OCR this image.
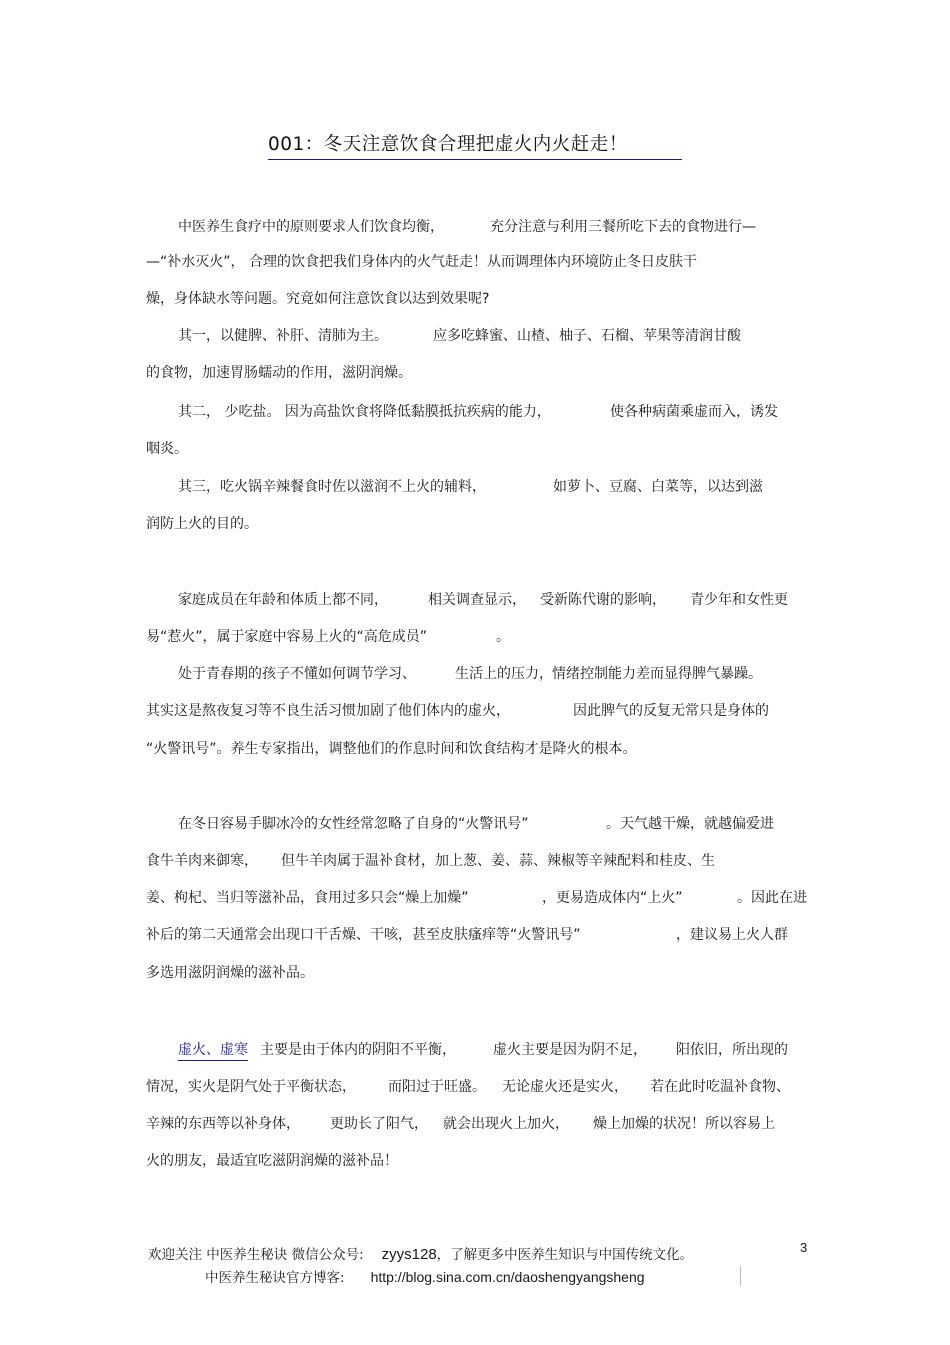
001：冬天注意饮食合理把虚火内火赶走！
中医养生食疗中的原则要求人们饮食均衡，	充分注意与利用三餐所吃下去的食物进行—
—“补水灭火”， 合理的饮食把我们身体内的火气赶走！从而调理体内环境防止冬日皮肤干
燥，身体缺水等问题。究竟如何注意饮食以达到效果呢?
其一，以健脾、补肝、清肺为主。	应多吃蜂蜜、山楂、柚子、石榴、苹果等清润甘酸
的食物，加速胃肠蠕动的作用，滋阴润燥。
其二， 少吃盐。 因为高盐饮食将降低黏膜抵抗疾病的能力，	使各种病菌乘虚而入，诱发
咽炎。
其三，吃火锅辛辣餐食时佐以滋润不上火的辅料，	如萝卜、豆腐、白菜等，以达到滋
润防上火的目的。
家庭成员在年龄和体质上都不同，	相关调查显示， 受新陈代谢的影响， 青少年和女性更
易“惹火”，属于家庭中容易上火的“高危成员”	。
处于青春期的孩子不懂如何调节学习、	生活上的压力， 情绪控制能力差而显得脾气暴躁。
其实这是熬夜复习等不良生活习惯加剧了他们体内的虚火，	因此脾气的反复无常只是身体的
“火警讯号”。养生专家指出，调整他们的作息时间和饮食结构才是降火的根本。
在冬日容易手脚冰冷的女性经常忽略了自身的“火警讯号”	。天气越干燥，就越偏爱进
食牛羊肉来御寒， 但牛羊肉属于温补食材，加上葱、姜、蒜、辣椒等辛辣配料和桂皮、生
姜、枸杞、当归等滋补品，食用过多只会“燥上加燥”	，更易造成体内“上火”	。因此在进
补后的第二天通常会出现口干舌燥、干咳，甚至皮肤瘙痒等“火警讯号”	，建议易上火人群
多选用滋阴润燥的滋补品。
虚火、虚寒 主要是由于体内的阴阳不平衡，	虚火主要是因为阴不足， 阳依旧，所出现的
情况，实火是阴气处于平衡状态， 而阳过于旺盛。 无论虚火还是实火， 若在此时吃温补食物、
辛辣的东西等以补身体， 更助长了阳气， 就会出现火上加火， 燥上加燥的状况！所以容易上
火的朋友，最适宜吃滋阴润燥的滋补品！
欢迎关注 中医养生秘诀 微信公众号: zyys128，了解更多中医养生知识与中国传统文化。	3
中医养生秘诀官方博客: http://blog.sina.com.cn/daoshengyangsheng
